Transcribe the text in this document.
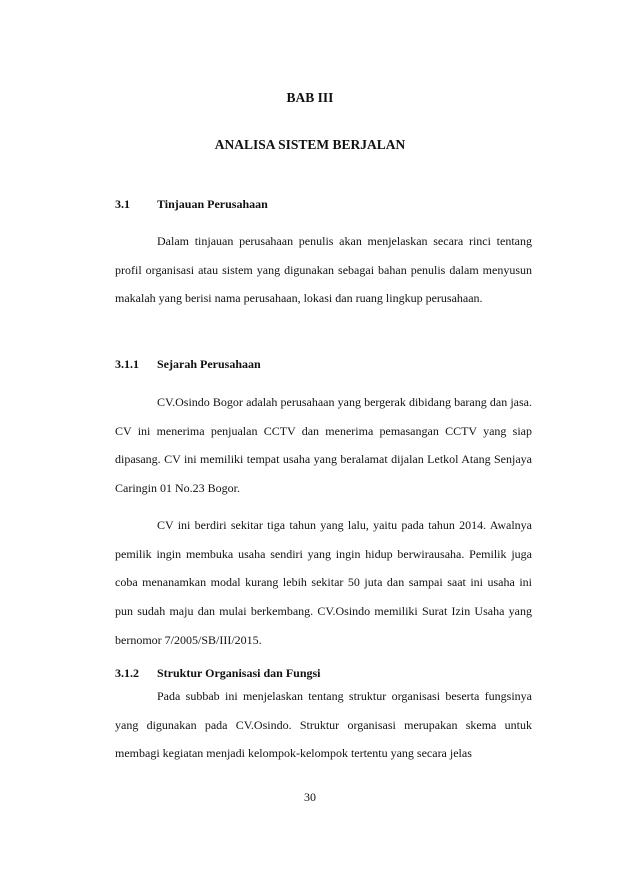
BAB III
ANALISA SISTEM BERJALAN
3.1 Tinjauan Perusahaan

Dalam tinjauan perusahaan penulis akan menjelaskan secara rinci tentang profil organisasi atau sistem yang digunakan sebagai bahan penulis dalam menyusun makalah yang berisi nama perusahaan, lokasi dan ruang lingkup perusahaan.

3.1.1 Sejarah Perusahaan

CV.Osindo Bogor adalah perusahaan yang bergerak dibidang barang dan jasa. CV ini menerima penjualan CCTV dan menerima pemasangan CCTV yang siap dipasang. CV ini memiliki tempat usaha yang beralamat dijalan Letkol Atang Senjaya Caringin 01 No.23 Bogor.

CV ini berdiri sekitar tiga tahun yang lalu, yaitu pada tahun 2014. Awalnya pemilik ingin membuka usaha sendiri yang ingin hidup berwirausaha. Pemilik juga coba menanamkan modal kurang lebih sekitar 50 juta dan sampai saat ini usaha ini pun sudah maju dan mulai berkembang. CV.Osindo memiliki Surat Izin Usaha yang bernomor 7/2005/SB/III/2015.

3.1.2 Struktur Organisasi dan Fungsi

Pada subbab ini menjelaskan tentang struktur organisasi beserta fungsinya yang digunakan pada CV.Osindo. Struktur organisasi merupakan skema untuk membagi kegiatan menjadi kelompok-kelompok tertentu yang secara jelas

30
